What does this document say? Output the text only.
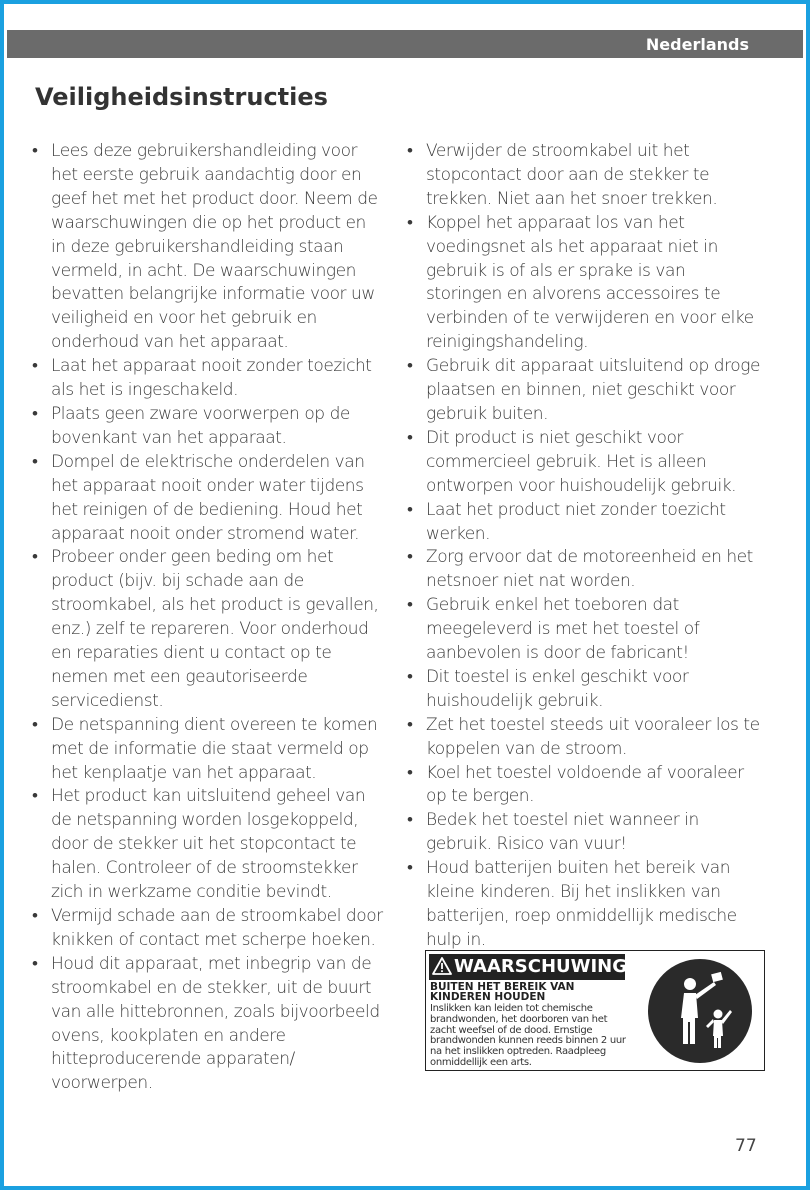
Nederlands
Veiligheidsinstructies
• Lees deze gebruikershandleiding voor het eerste gebruik aandachtig door en geef het met het product door. Neem de waarschuwingen die op het product en in deze gebruikershandleiding staan vermeld, in acht. De waarschuwingen bevatten belangrijke informatie voor uw veiligheid en voor het gebruik en onderhoud van het apparaat.
• Laat het apparaat nooit zonder toezicht als het is ingeschakeld.
• Plaats geen zware voorwerpen op de bovenkant van het apparaat.
• Dompel de elektrische onderdelen van het apparaat nooit onder water tijdens het reinigen of de bediening. Houd het apparaat nooit onder stromend water.
• Probeer onder geen beding om het product (bijv. bij schade aan de stroomkabel, als het product is gevallen, enz.) zelf te repareren. Voor onderhoud en reparaties dient u contact op te nemen met een geautoriseerde servicedienst.
• De netspanning dient overeen te komen met de informatie die staat vermeld op het kenplaatje van het apparaat.
• Het product kan uitsluitend geheel van de netspanning worden losgekoppeld, door de stekker uit het stopcontact te halen. Controleer of de stroomstekker zich in werkzame conditie bevindt.
• Vermijd schade aan de stroomkabel door knikken of contact met scherpe hoeken.
• Houd dit apparaat, met inbegrip van de stroomkabel en de stekker, uit de buurt van alle hittebronnen, zoals bijvoorbeeld ovens, kookplaten en andere hitteproducerende apparaten/ voorwerpen.
• Verwijder de stroomkabel uit het stopcontact door aan de stekker te trekken. Niet aan het snoer trekken.
• Koppel het apparaat los van het voedingsnet als het apparaat niet in gebruik is of als er sprake is van storingen en alvorens accessoires te verbinden of te verwijderen en voor elke reinigingshandeling.
• Gebruik dit apparaat uitsluitend op droge plaatsen en binnen, niet geschikt voor gebruik buiten.
• Dit product is niet geschikt voor commercieel gebruik. Het is alleen ontworpen voor huishoudelijk gebruik.
• Laat het product niet zonder toezicht werken.
• Zorg ervoor dat de motoreenheid en het netsnoer niet nat worden.
• Gebruik enkel het toeboren dat meegeleverd is met het toestel of aanbevolen is door de fabricant!
• Dit toestel is enkel geschikt voor huishoudelijk gebruik.
• Zet het toestel steeds uit vooraleer los te koppelen van de stroom.
• Koel het toestel voldoende af vooraleer op te bergen.
• Bedek het toestel niet wanneer in gebruik. Risico van vuur!
• Houd batterijen buiten het bereik van kleine kinderen. Bij het inslikken van batterijen, roep onmiddellijk medische hulp in.
WAARSCHUWING
BUITEN HET BEREIK VAN KINDEREN HOUDEN
Inslikken kan leiden tot chemische brandwonden, het doorboren van het zacht weefsel of de dood. Ernstige brandwonden kunnen reeds binnen 2 uur na het inslikken optreden. Raadpleeg onmiddellijk een arts.
77
